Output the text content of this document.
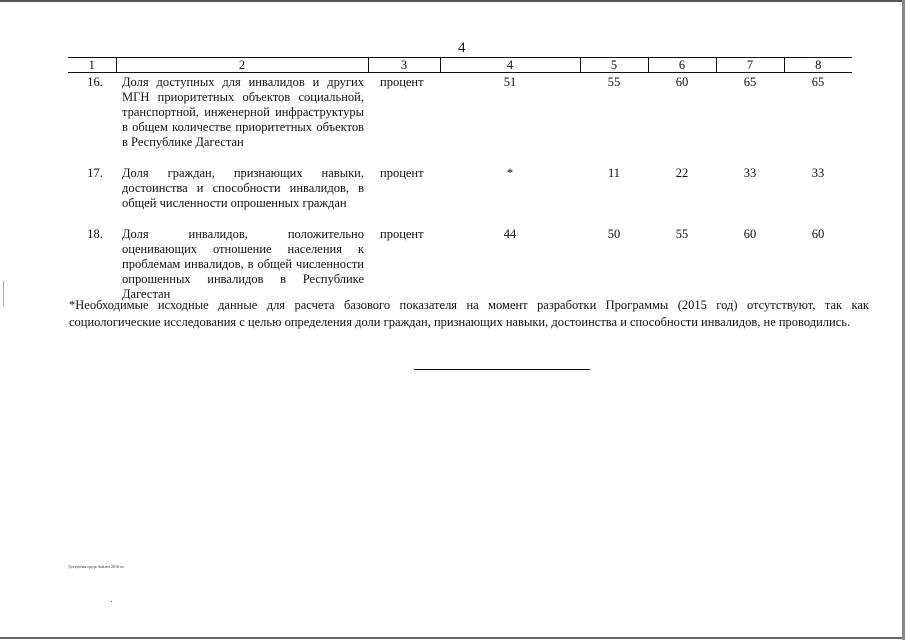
4
1	2	3	4	5	6	7	8
16.	Доля доступных для инвалидов и других МГН приоритетных объектов социальной, транспортной, инженерной инфраструктуры в общем количестве приоритетных объектов в Республике Дагестан	процент	51	55	60	65	65
17.	Доля граждан, признающих навыки, достоинства и способности инвалидов, в общей численности опрошенных граждан	процент	*	11	22	33	33
18.	Доля инвалидов, положительно оценивающих отношение населения к проблемам инвалидов, в общей численности опрошенных инвалидов в Республике Дагестан	процент	44	50	55	60	60
*Необходимые исходные данные для расчета базового показателя на момент разработки Программы (2015 год) отсутствуют, так как социологические исследования с целью определения доли граждан, признающих навыки, достоинства и способности инвалидов, не проводились.
Доступная среда Анализ 2016-ns
